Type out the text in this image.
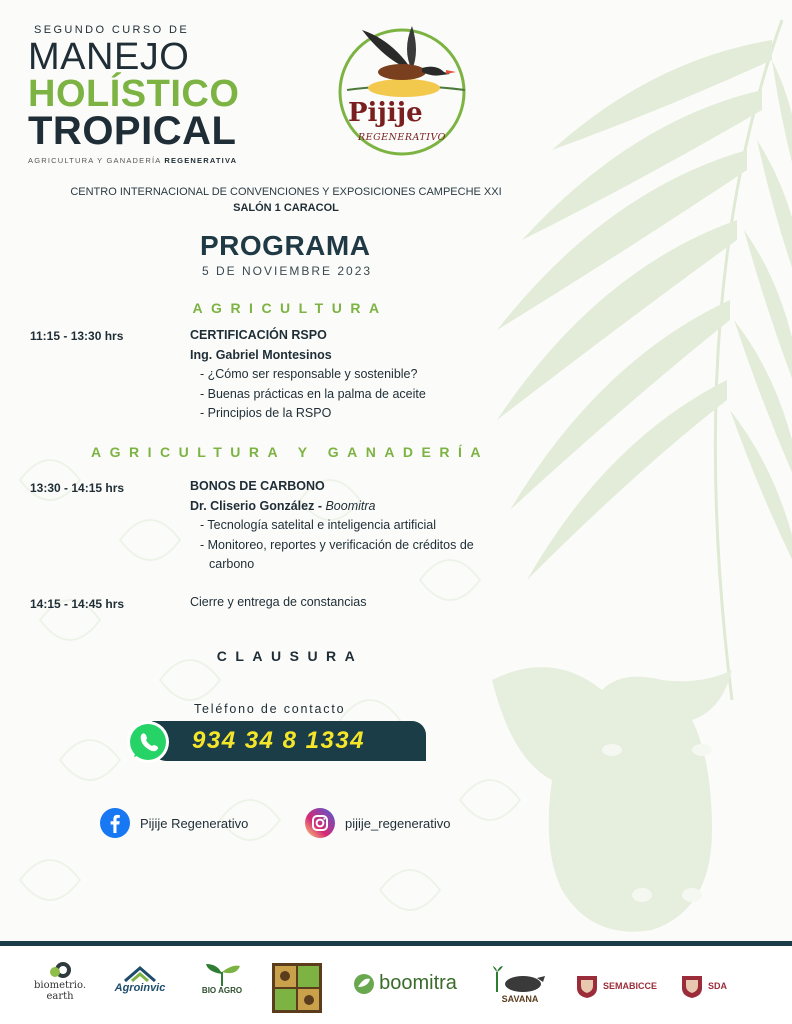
SEGUNDO CURSO DE
MANEJO
HOLÍSTICO
TROPICAL
AGRICULTURA Y GANADERÍA REGENERATIVA
Pijije
REGENERATIVO
CENTRO INTERNACIONAL DE CONVENCIONES Y EXPOSICIONES CAMPECHE XXI
SALÓN 1 CARACOL
PROGRAMA
5 DE NOVIEMBRE 2023
AGRICULTURA
11:15 - 13:30 hrs	CERTIFICACIÓN RSPO
Ing. Gabriel Montesinos
- ¿Cómo ser responsable y sostenible?
- Buenas prácticas en la palma de aceite
- Principios de la RSPO
AGRICULTURA Y GANADERÍA
13:30 - 14:15 hrs	BONOS DE CARBONO
Dr. Cliserio González - Boomitra
- Tecnología satelital e inteligencia artificial
- Monitoreo, reportes y verificación de créditos de
carbono
14:15 - 14:45 hrs	Cierre y entrega de constancias
CLAUSURA
Teléfono de contacto
934 34 8 1334
Pijije Regenerativo	pijije_regenerativo
biometrio.
earth
Agroinvic	BIO AGRO	boomitra
SAVANA
SEMABICCE	SDA
